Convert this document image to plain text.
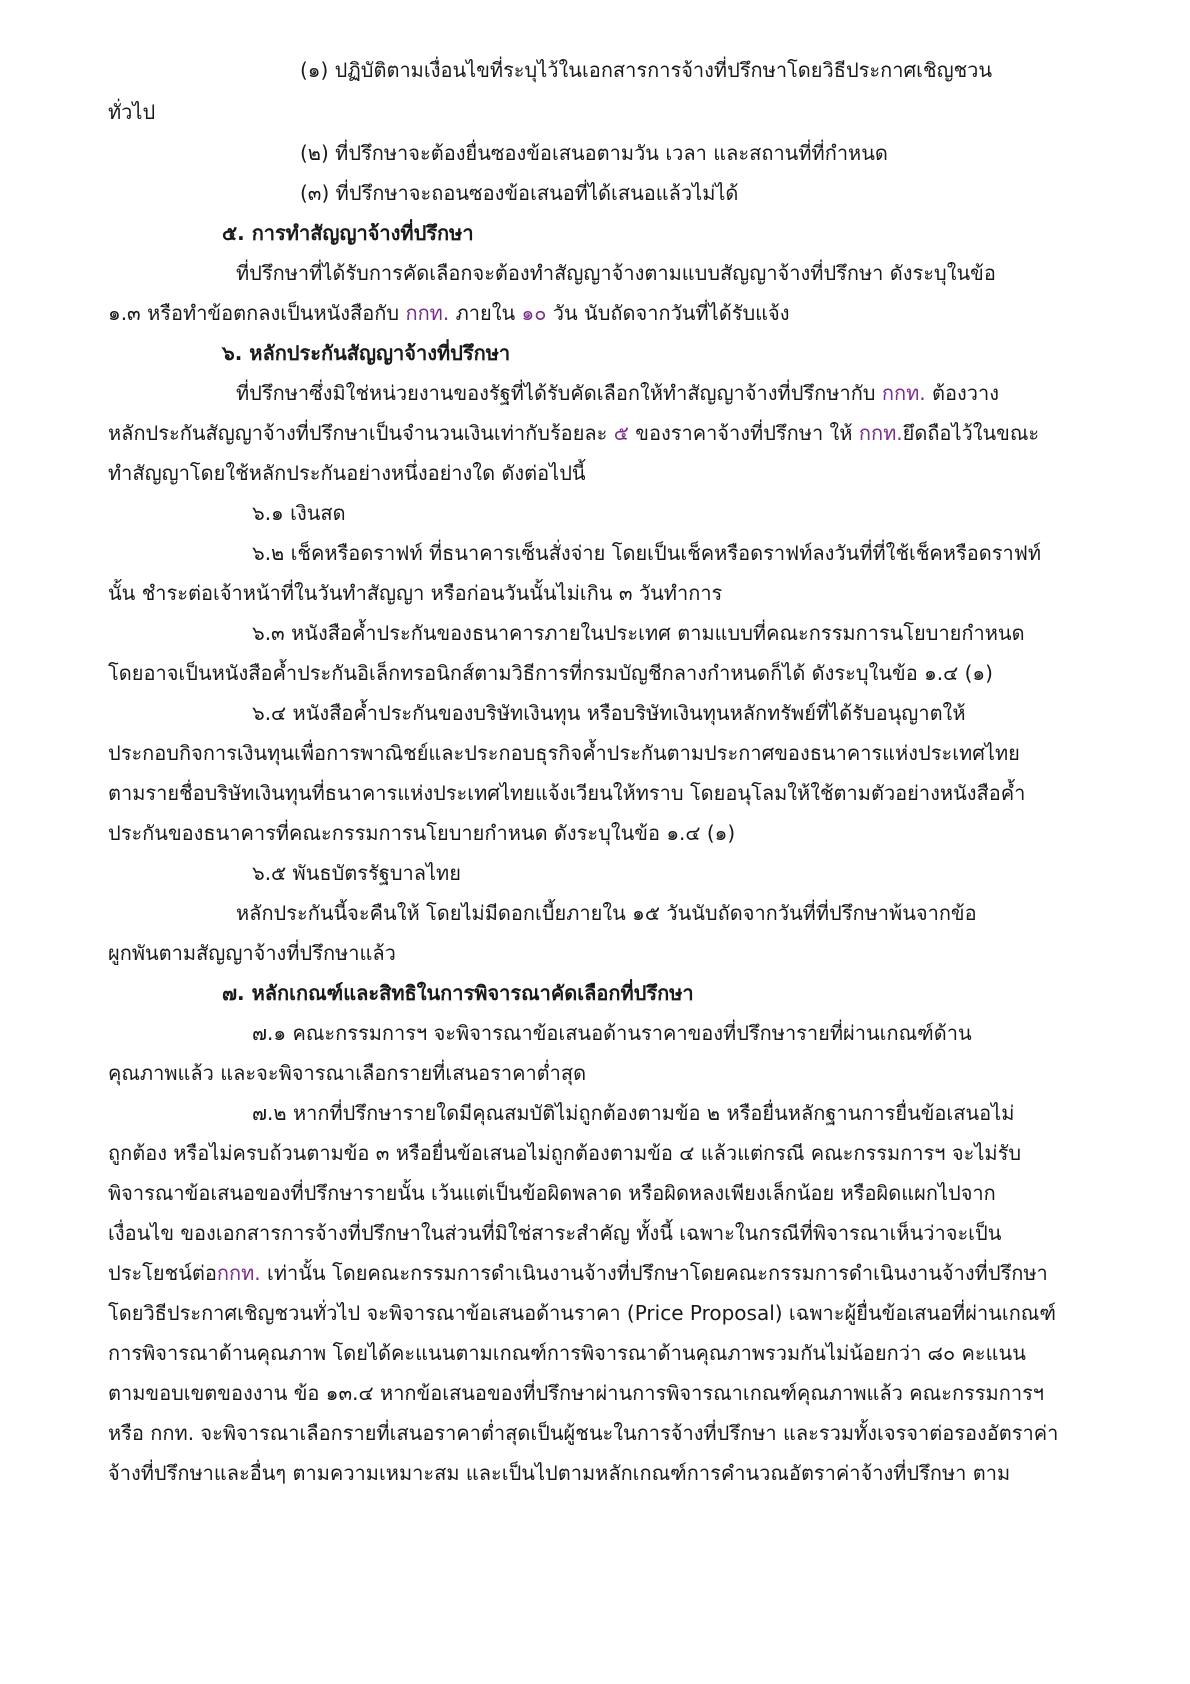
(๑) ปฏิบัติตามเงื่อนไขที่ระบุไว้ในเอกสารการจ้างที่ปรึกษาโดยวิธีประกาศเชิญชวน
ทั่วไป
(๒) ที่ปรึกษาจะต้องยื่นซองข้อเสนอตามวัน เวลา และสถานที่ที่กำหนด
(๓) ที่ปรึกษาจะถอนซองข้อเสนอที่ได้เสนอแล้วไม่ได้
๕. การทำสัญญาจ้างที่ปรึกษา
ที่ปรึกษาที่ได้รับการคัดเลือกจะต้องทำสัญญาจ้างตามแบบสัญญาจ้างที่ปรึกษา ดังระบุในข้อ
๑.๓ หรือทำข้อตกลงเป็นหนังสือกับ กกท. ภายใน ๑๐ วัน นับถัดจากวันที่ได้รับแจ้ง
๖. หลักประกันสัญญาจ้างที่ปรึกษา
ที่ปรึกษาซึ่งมิใช่หน่วยงานของรัฐที่ได้รับคัดเลือกให้ทำสัญญาจ้างที่ปรึกษากับ กกท. ต้องวาง
หลักประกันสัญญาจ้างที่ปรึกษาเป็นจำนวนเงินเท่ากับร้อยละ ๕ ของราคาจ้างที่ปรึกษา ให้ กกท.ยึดถือไว้ในขณะ
ทำสัญญาโดยใช้หลักประกันอย่างหนึ่งอย่างใด ดังต่อไปนี้
๖.๑ เงินสด
๖.๒ เช็คหรือดราฟท์ ที่ธนาคารเซ็นสั่งจ่าย โดยเป็นเช็คหรือดราฟท์ลงวันที่ที่ใช้เช็คหรือดราฟท์
นั้น ชำระต่อเจ้าหน้าที่ในวันทำสัญญา หรือก่อนวันนั้นไม่เกิน ๓ วันทำการ
๖.๓ หนังสือค้ำประกันของธนาคารภายในประเทศ ตามแบบที่คณะกรรมการนโยบายกำหนด
โดยอาจเป็นหนังสือค้ำประกันอิเล็กทรอนิกส์ตามวิธีการที่กรมบัญชีกลางกำหนดก็ได้ ดังระบุในข้อ ๑.๔ (๑)
๖.๔ หนังสือค้ำประกันของบริษัทเงินทุน หรือบริษัทเงินทุนหลักทรัพย์ที่ได้รับอนุญาตให้
ประกอบกิจการเงินทุนเพื่อการพาณิชย์และประกอบธุรกิจค้ำประกันตามประกาศของธนาคารแห่งประเทศไทย
ตามรายชื่อบริษัทเงินทุนที่ธนาคารแห่งประเทศไทยแจ้งเวียนให้ทราบ โดยอนุโลมให้ใช้ตามตัวอย่างหนังสือค้ำ
ประกันของธนาคารที่คณะกรรมการนโยบายกำหนด ดังระบุในข้อ ๑.๔ (๑)
๖.๕ พันธบัตรรัฐบาลไทย
หลักประกันนี้จะคืนให้ โดยไม่มีดอกเบี้ยภายใน ๑๕ วันนับถัดจากวันที่ที่ปรึกษาพ้นจากข้อ
ผูกพันตามสัญญาจ้างที่ปรึกษาแล้ว
๗. หลักเกณฑ์และสิทธิในการพิจารณาคัดเลือกที่ปรึกษา
๗.๑ คณะกรรมการฯ จะพิจารณาข้อเสนอด้านราคาของที่ปรึกษารายที่ผ่านเกณฑ์ด้าน
คุณภาพแล้ว และจะพิจารณาเลือกรายที่เสนอราคาต่ำสุด
๗.๒ หากที่ปรึกษารายใดมีคุณสมบัติไม่ถูกต้องตามข้อ ๒ หรือยื่นหลักฐานการยื่นข้อเสนอไม่
ถูกต้อง หรือไม่ครบถ้วนตามข้อ ๓ หรือยื่นข้อเสนอไม่ถูกต้องตามข้อ ๔ แล้วแต่กรณี คณะกรรมการฯ จะไม่รับ
พิจารณาข้อเสนอของที่ปรึกษารายนั้น เว้นแต่เป็นข้อผิดพลาด หรือผิดหลงเพียงเล็กน้อย หรือผิดแผกไปจาก
เงื่อนไข ของเอกสารการจ้างที่ปรึกษาในส่วนที่มิใช่สาระสำคัญ ทั้งนี้ เฉพาะในกรณีที่พิจารณาเห็นว่าจะเป็น
ประโยชน์ต่อกกท. เท่านั้น โดยคณะกรรมการดำเนินงานจ้างที่ปรึกษาโดยคณะกรรมการดำเนินงานจ้างที่ปรึกษา
โดยวิธีประกาศเชิญชวนทั่วไป จะพิจารณาข้อเสนอด้านราคา (Price Proposal) เฉพาะผู้ยื่นข้อเสนอที่ผ่านเกณฑ์
การพิจารณาด้านคุณภาพ โดยได้คะแนนตามเกณฑ์การพิจารณาด้านคุณภาพรวมกันไม่น้อยกว่า ๘๐ คะแนน
ตามขอบเขตของงาน ข้อ ๑๓.๔ หากข้อเสนอของที่ปรึกษาผ่านการพิจารณาเกณฑ์คุณภาพแล้ว คณะกรรมการฯ
หรือ กกท. จะพิจารณาเลือกรายที่เสนอราคาต่ำสุดเป็นผู้ชนะในการจ้างที่ปรึกษา และรวมทั้งเจรจาต่อรองอัตราค่า
จ้างที่ปรึกษาและอื่นๆ ตามความเหมาะสม และเป็นไปตามหลักเกณฑ์การคำนวณอัตราค่าจ้างที่ปรึกษา ตาม
